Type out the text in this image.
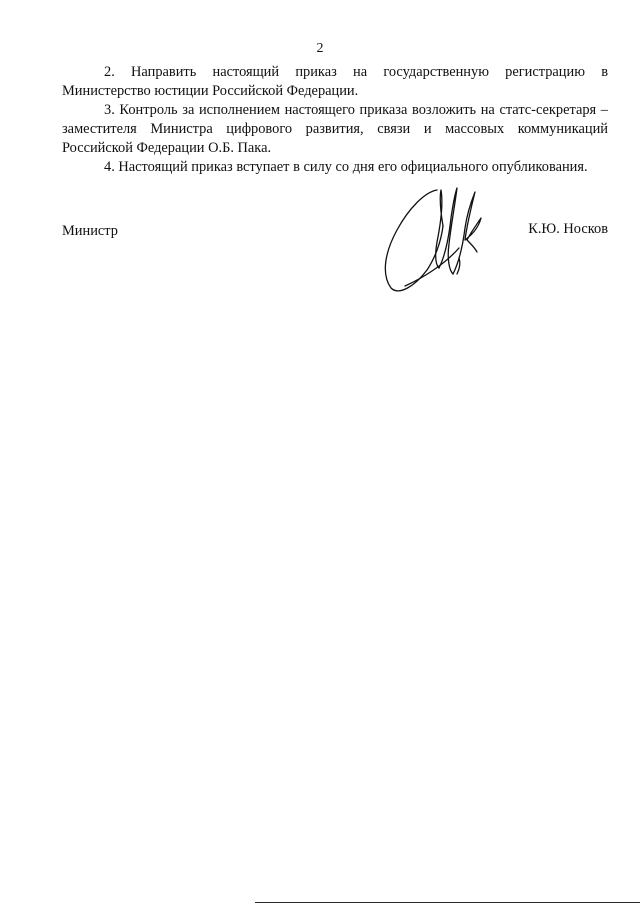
2

2. Направить настоящий приказ на государственную регистрацию в Министерство юстиции Российской Федерации.

3. Контроль за исполнением настоящего приказа возложить на статс-секретаря – заместителя Министра цифрового развития, связи и массовых коммуникаций Российской Федерации О.Б. Пака.

4. Настоящий приказ вступает в силу со дня его официального опубликования.

Министр	К.Ю. Носков
